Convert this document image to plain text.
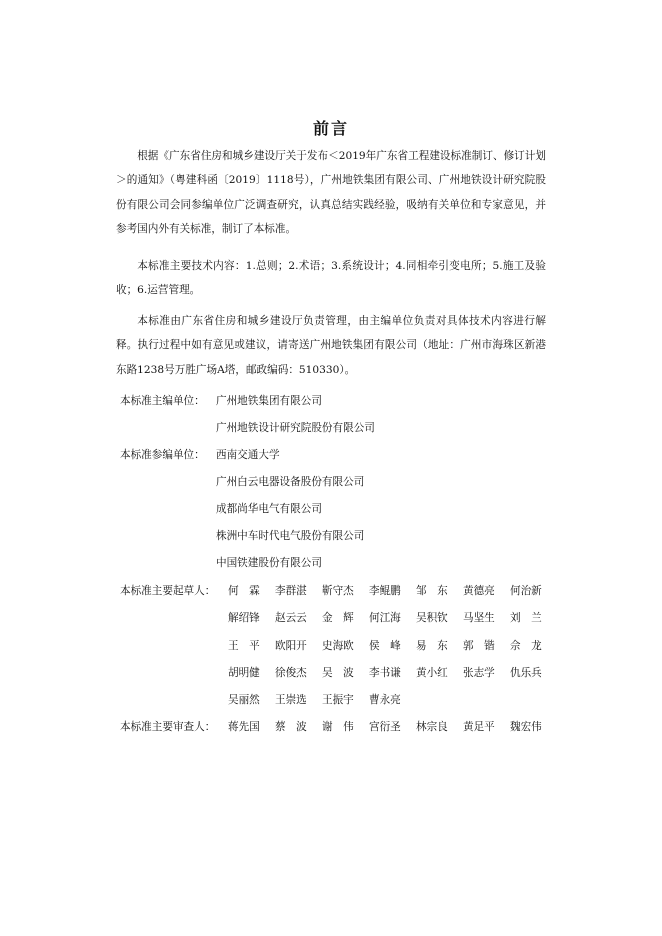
前言
根据《广东省住房和城乡建设厅关于发布＜2019年广东省工程建设标准制订、修订计划＞的通知》（粤建科函〔2019〕1118号），广州地铁集团有限公司、广州地铁设计研究院股份有限公司会同参编单位广泛调查研究，认真总结实践经验，吸纳有关单位和专家意见，并参考国内外有关标准，制订了本标准。
本标准主要技术内容：1.总则；2.术语；3.系统设计；4.同相牵引变电所；5.施工及验收；6.运营管理。
本标准由广东省住房和城乡建设厅负责管理，由主编单位负责对具体技术内容进行解释。执行过程中如有意见或建议，请寄送广州地铁集团有限公司（地址：广州市海珠区新港东路1238号万胜广场A塔，邮政编码：510330）。
本标准主编单位： 广州地铁集团有限公司
广州地铁设计研究院股份有限公司
本标准参编单位： 西南交通大学
广州白云电器设备股份有限公司
成都尚华电气有限公司
株洲中车时代电气股份有限公司
中国铁建股份有限公司
本标准主要起草人： 何　霖 李群湛 靳守杰 李鲲鹏 邹　东 黄德亮 何治新
解绍锋 赵云云 金　辉 何江海 吴积钦 马坚生 刘　兰
王　平 欧阳开 史海欧 侯　峰 易　东 郭　锴 佘　龙
胡明健 徐俊杰 吴　波 李书谦 黄小红 张志学 仇乐兵
吴丽然 王崇选 王振宇 曹永亮
本标准主要审查人： 蒋先国 蔡　波 谢　伟 宫衍圣 林宗良 黄足平 魏宏伟
